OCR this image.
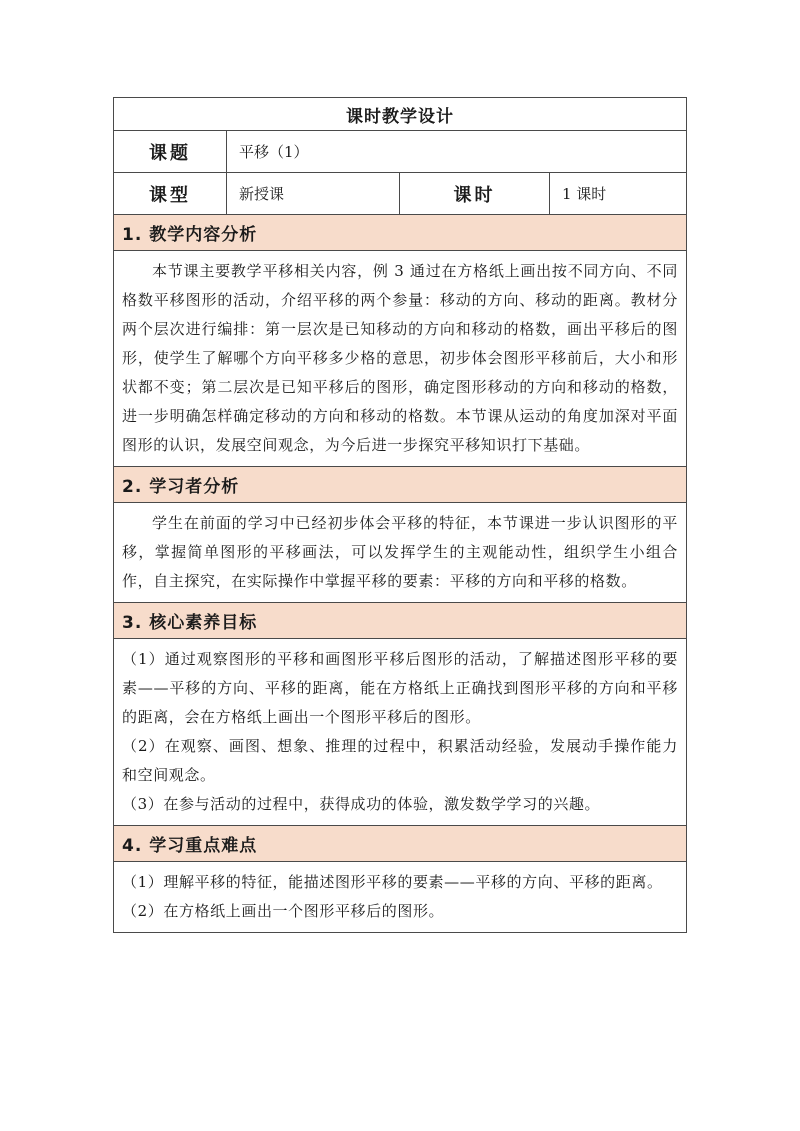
课时教学设计
课题	平移（1）
课型	新授课	课时	1 课时
1. 教学内容分析

本节课主要教学平移相关内容，例 3 通过在方格纸上画出按不同方向、不同格数平移图形的活动，介绍平移的两个参量：移动的方向、移动的距离。教材分两个层次进行编排：第一层次是已知移动的方向和移动的格数，画出平移后的图形，使学生了解哪个方向平移多少格的意思，初步体会图形平移前后，大小和形状都不变；第二层次是已知平移后的图形，确定图形移动的方向和移动的格数，进一步明确怎样确定移动的方向和移动的格数。本节课从运动的角度加深对平面图形的认识，发展空间观念，为今后进一步探究平移知识打下基础。

2. 学习者分析

学生在前面的学习中已经初步体会平移的特征，本节课进一步认识图形的平移，掌握简单图形的平移画法，可以发挥学生的主观能动性，组织学生小组合作，自主探究，在实际操作中掌握平移的要素：平移的方向和平移的格数。

3. 核心素养目标

（1）通过观察图形的平移和画图形平移后图形的活动，了解描述图形平移的要素——平移的方向、平移的距离，能在方格纸上正确找到图形平移的方向和平移的距离，会在方格纸上画出一个图形平移后的图形。

（2）在观察、画图、想象、推理的过程中，积累活动经验，发展动手操作能力和空间观念。

（3）在参与活动的过程中，获得成功的体验，激发数学学习的兴趣。

4. 学习重点难点

（1）理解平移的特征，能描述图形平移的要素——平移的方向、平移的距离。

（2）在方格纸上画出一个图形平移后的图形。
